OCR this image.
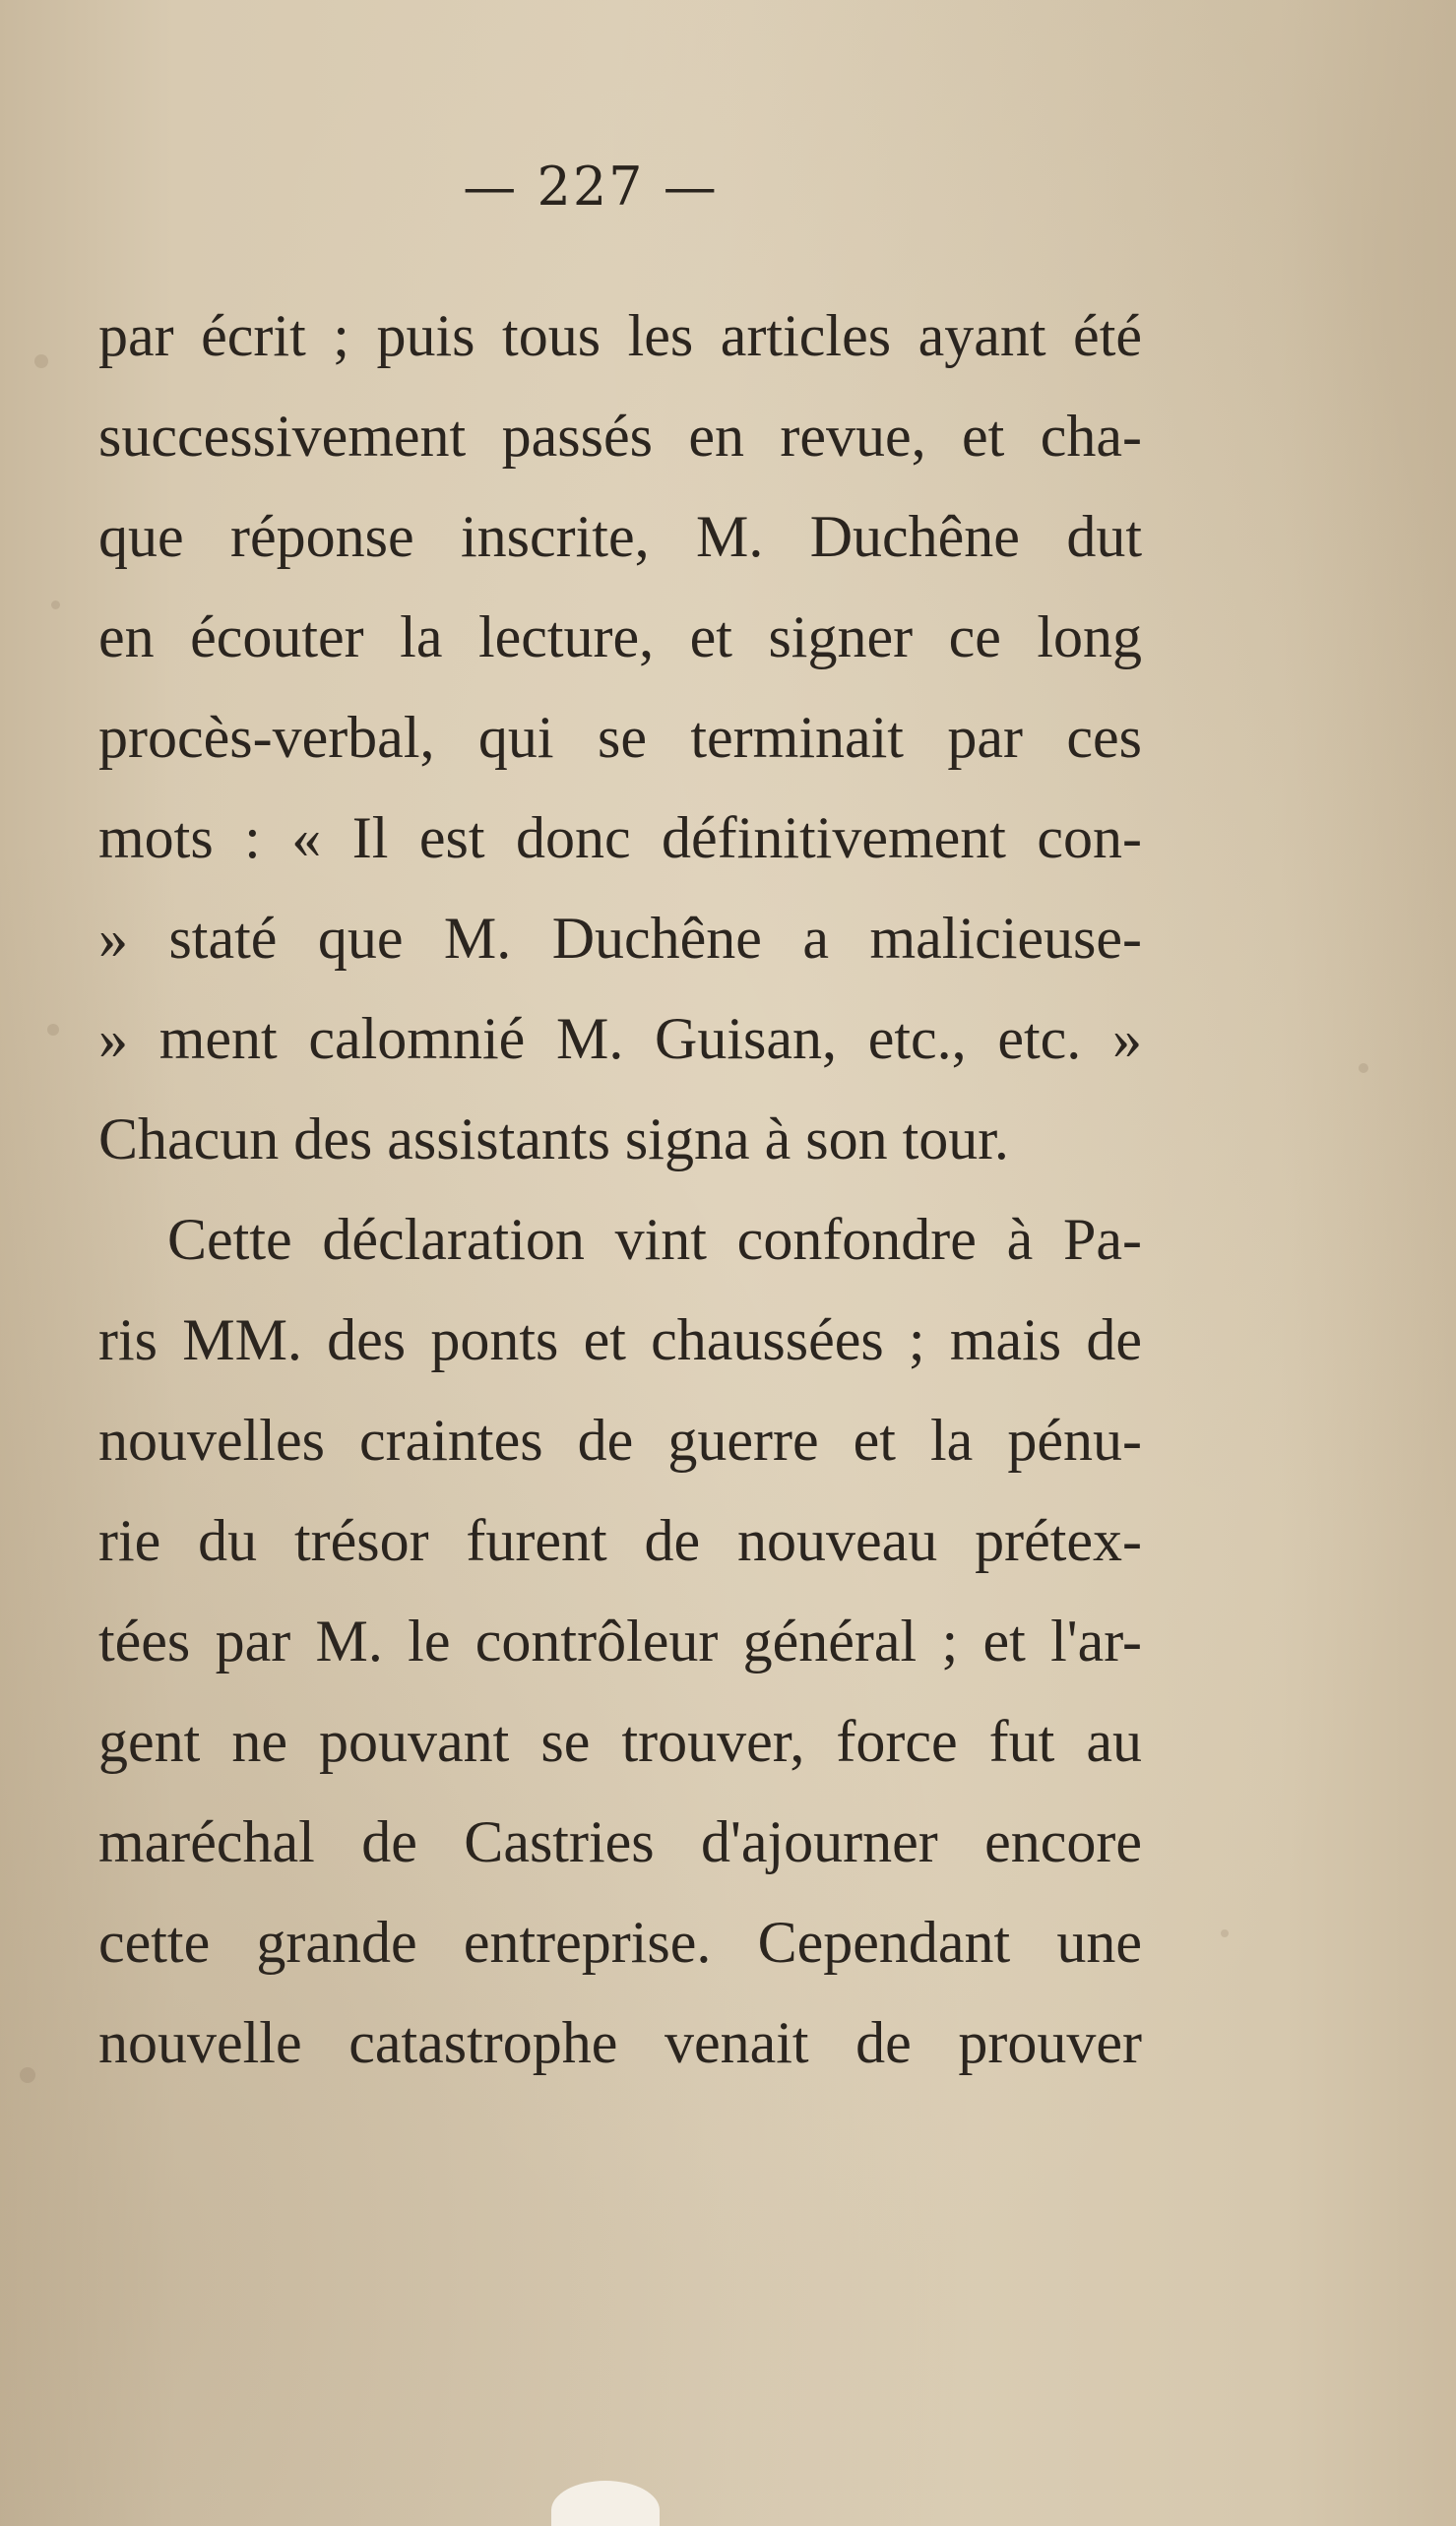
— 227 —

par écrit ; puis tous les articles ayant été
successivement passés en revue, et cha-
que réponse inscrite, M. Duchêne dut
en écouter la lecture, et signer ce long
procès-verbal, qui se terminait par ces
mots : « Il est donc définitivement con-
» staté que M. Duchêne a malicieuse-
» ment calomnié M. Guisan, etc., etc. »
Chacun des assistants signa à son tour.
Cette déclaration vint confondre à Pa-
ris MM. des ponts et chaussées ; mais de
nouvelles craintes de guerre et la pénu-
rie du trésor furent de nouveau prétex-
tées par M. le contrôleur général ; et l'ar-
gent ne pouvant se trouver, force fut au
maréchal de Castries d'ajourner encore
cette grande entreprise. Cependant une
nouvelle catastrophe venait de prouver
